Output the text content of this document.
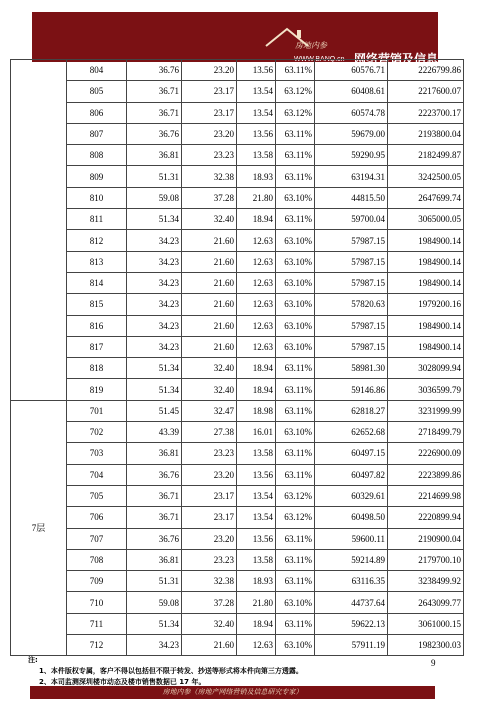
房地内参
WWW.BANQ.cn 网络营销及信息研究专家
	804	36.76	23.20	13.56	63.11%	60576.71	2226799.86
	805	36.71	23.17	13.54	63.12%	60408.61	2217600.07
	806	36.71	23.17	13.54	63.12%	60574.78	2223700.17
	807	36.76	23.20	13.56	63.11%	59679.00	2193800.04
	808	36.81	23.23	13.58	63.11%	59290.95	2182499.87
	809	51.31	32.38	18.93	63.11%	63194.31	3242500.05
	810	59.08	37.28	21.80	63.10%	44815.50	2647699.74
	811	51.34	32.40	18.94	63.11%	59700.04	3065000.05
	812	34.23	21.60	12.63	63.10%	57987.15	1984900.14
	813	34.23	21.60	12.63	63.10%	57987.15	1984900.14
	814	34.23	21.60	12.63	63.10%	57987.15	1984900.14
	815	34.23	21.60	12.63	63.10%	57820.63	1979200.16
	816	34.23	21.60	12.63	63.10%	57987.15	1984900.14
	817	34.23	21.60	12.63	63.10%	57987.15	1984900.14
	818	51.34	32.40	18.94	63.11%	58981.30	3028099.94
	819	51.34	32.40	18.94	63.11%	59146.86	3036599.79
7层	701	51.45	32.47	18.98	63.11%	62818.27	3231999.99
	702	43.39	27.38	16.01	63.10%	62652.68	2718499.79
	703	36.81	23.23	13.58	63.11%	60497.15	2226900.09
	704	36.76	23.20	13.56	63.11%	60497.82	2223899.86
	705	36.71	23.17	13.54	63.12%	60329.61	2214699.98
	706	36.71	23.17	13.54	63.12%	60498.50	2220899.94
	707	36.76	23.20	13.56	63.11%	59600.11	2190900.04
	708	36.81	23.23	13.58	63.11%	59214.89	2179700.10
	709	51.31	32.38	18.93	63.11%	63116.35	3238499.92
	710	59.08	37.28	21.80	63.10%	44737.64	2643099.77
	711	51.34	32.40	18.94	63.11%	59622.13	3061000.15
	712	34.23	21.60	12.63	63.10%	57911.19	1982300.03
注:
1、本件版权专属，客户不得以包括但不限于转发、抄送等形式将本件向第三方透露。
2、本司监测深圳楼市动态及楼市销售数据已 17 年。
9
房地内参（房地产网络营销及信息研究专家）
